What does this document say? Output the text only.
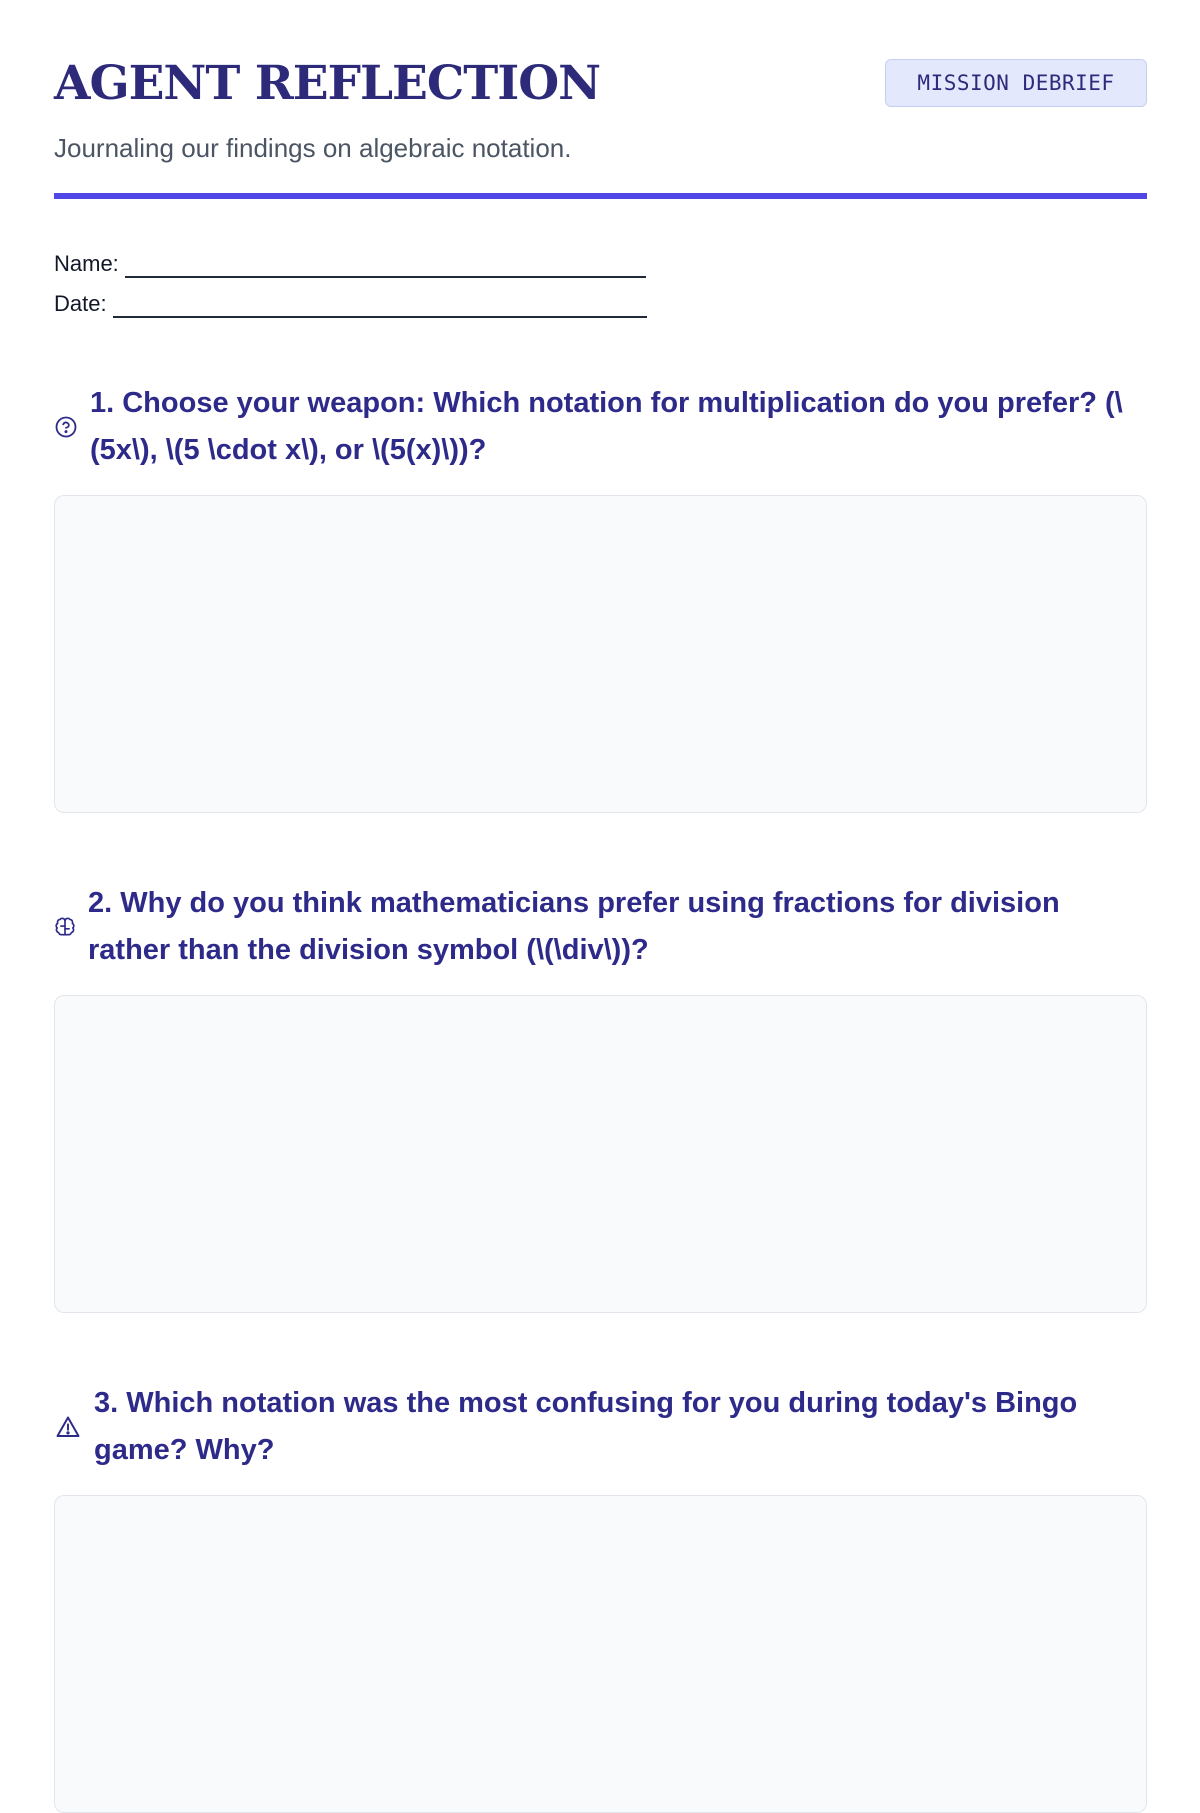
AGENT REFLECTION	MISSION DEBRIEF

Journaling our findings on algebraic notation.

Name:
Date:

1. Choose your weapon: Which notation for multiplication do you prefer? (\(5x\), \(5 \cdot x\), or \(5(x)\))?

2. Why do you think mathematicians prefer using fractions for division rather than the division symbol (\(\div\))?

3. Which notation was the most confusing for you during today's Bingo game? Why?
